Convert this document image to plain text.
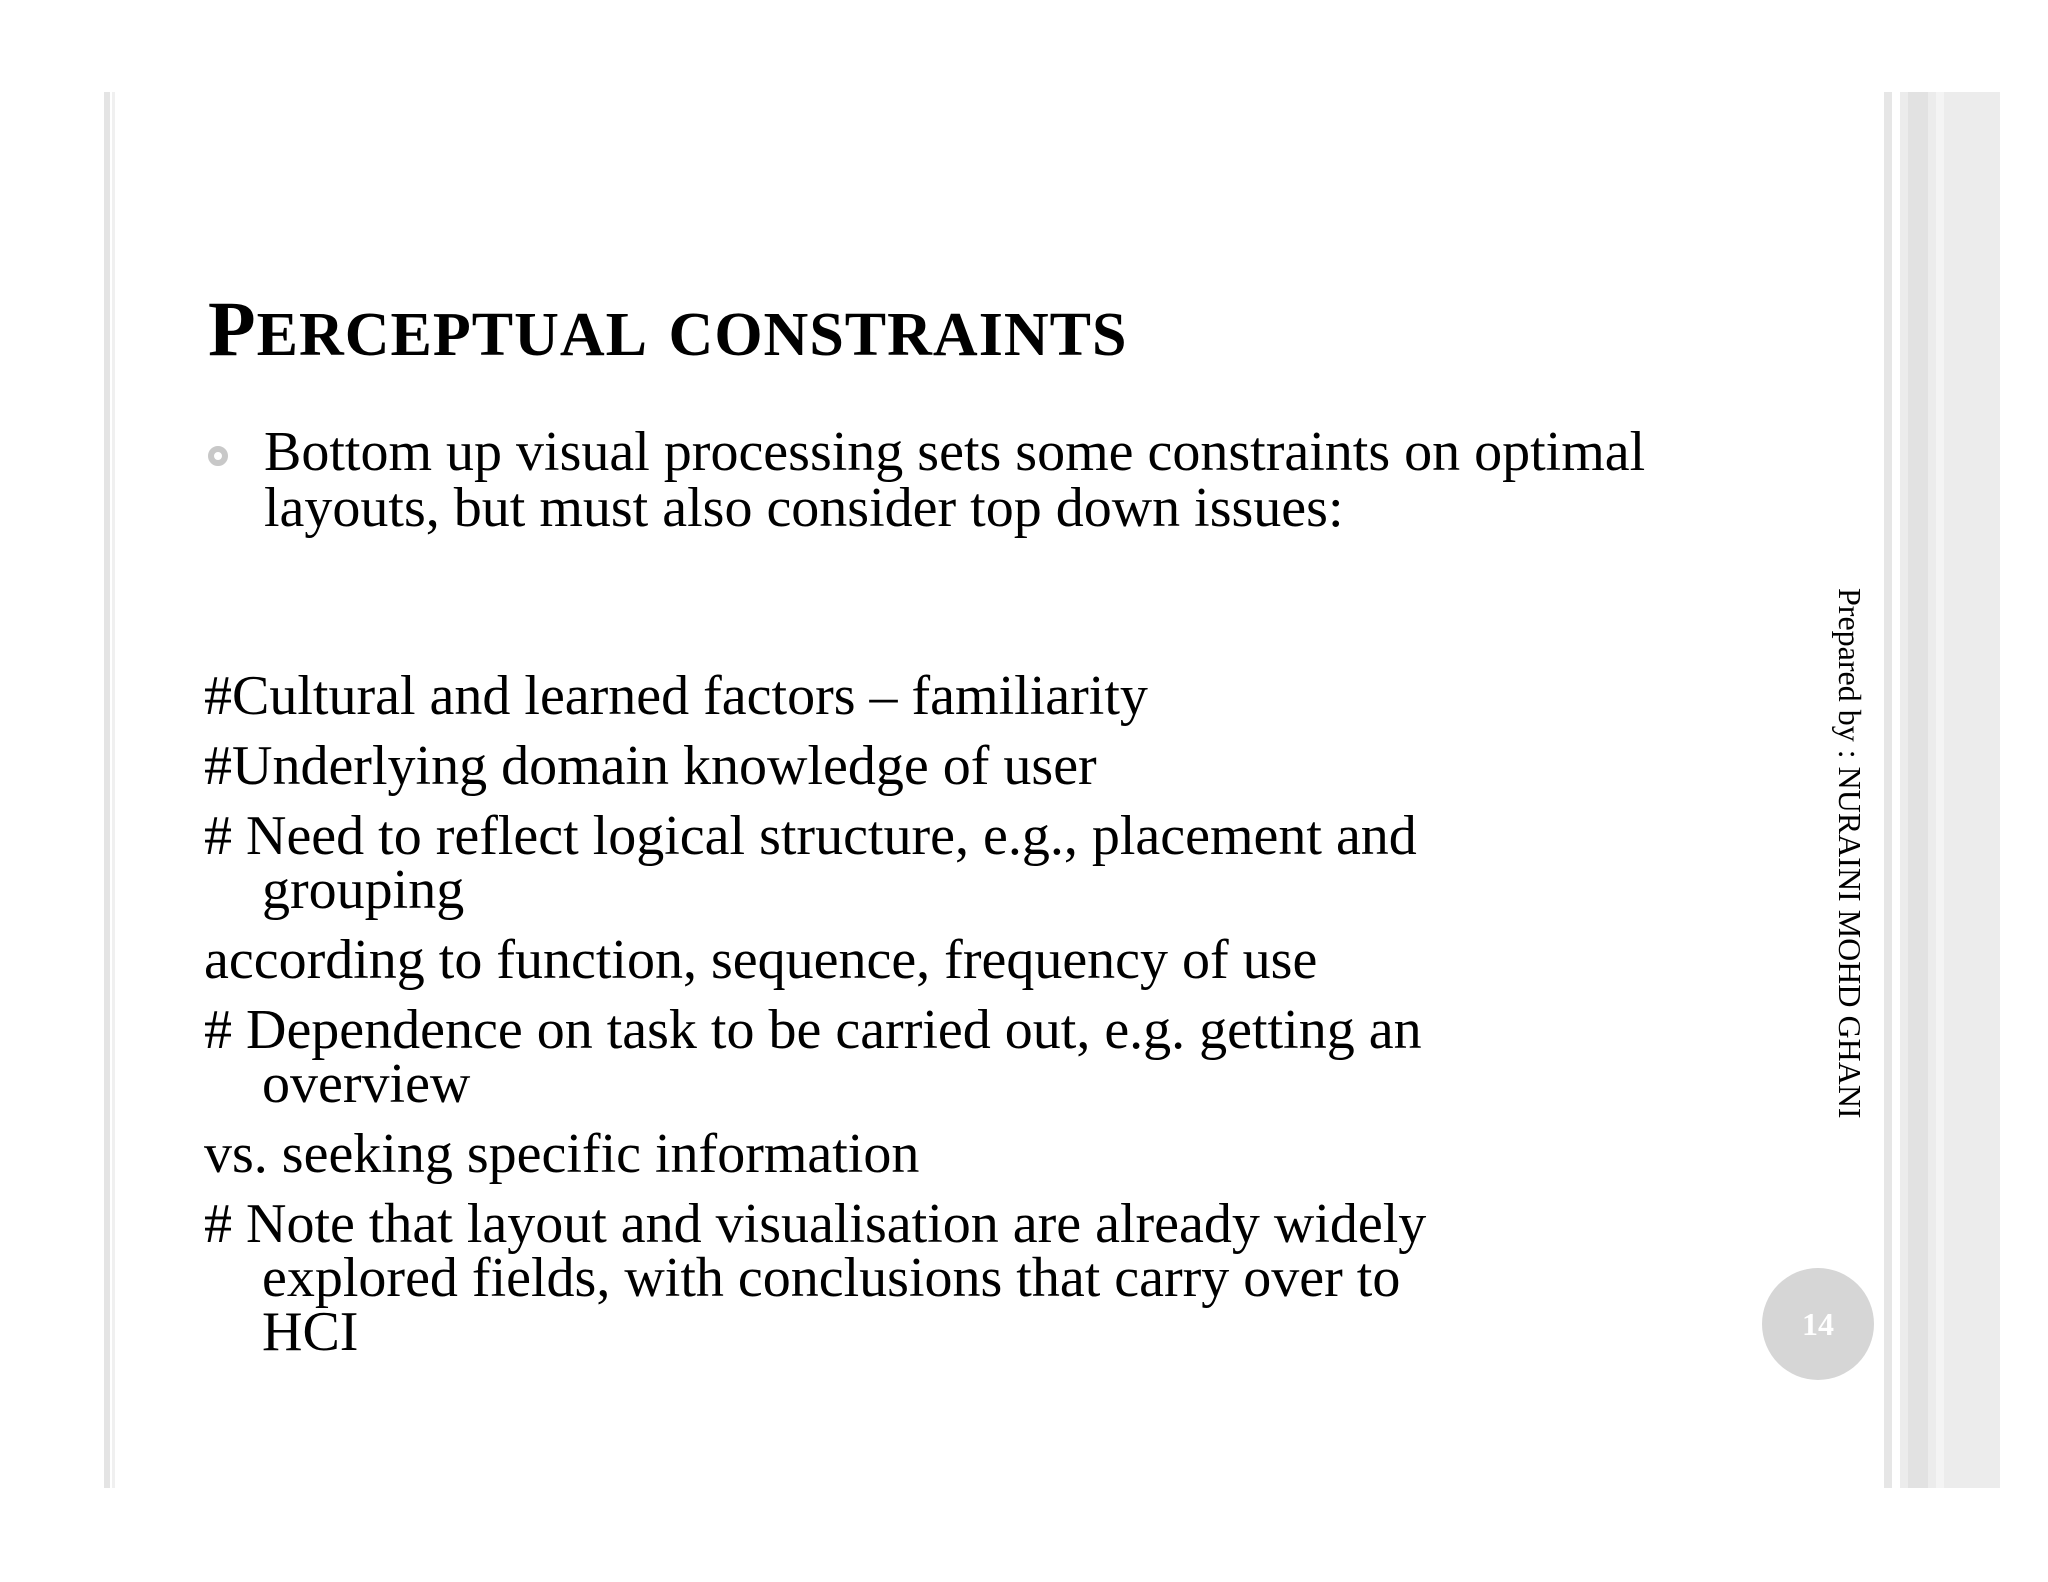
PERCEPTUAL CONSTRAINTS
Bottom up visual processing sets some constraints on optimal layouts, but must also consider top down issues:
#Cultural and learned factors – familiarity
#Underlying domain knowledge of user
# Need to reflect logical structure, e.g., placement and
grouping
according to function, sequence, frequency of use
# Dependence on task to be carried out, e.g. getting an
overview
vs. seeking specific information
# Note that layout and visualisation are already widely
explored fields, with conclusions that carry over to
HCI
Prepared by : NURAINI MOHD GHANI
14
